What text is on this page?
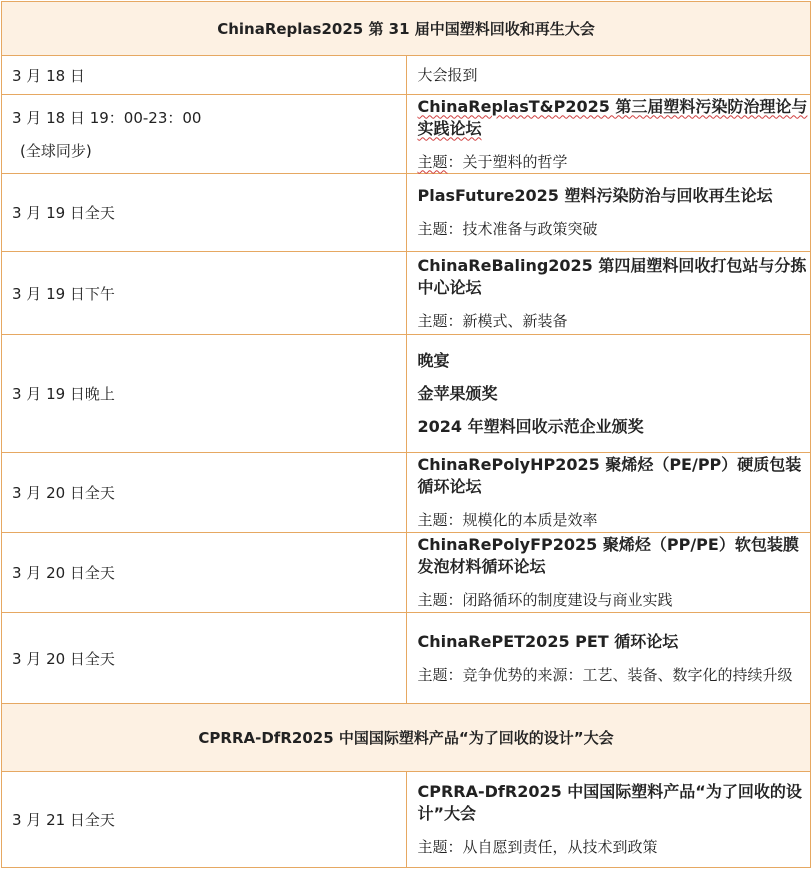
ChinaReplas2025 第 31 届中国塑料回收和再生大会	
3 月 18 日	大会报到

3 月 18 日 19：00-23：00
(全球同步)	ChinaReplasT&P2025 第三届塑料污染防治理论与实践论坛
主题：关于塑料的哲学

3 月 19 日全天	PlasFuture2025 塑料污染防治与回收再生论坛
主题：技术准备与政策突破

3 月 19 日下午	ChinaReBaling2025 第四届塑料回收打包站与分拣中心论坛
主题：新模式、新装备

3 月 19 日晚上	晚宴
金苹果颁奖
2024 年塑料回收示范企业颁奖

3 月 20 日全天	ChinaRePolyHP2025 聚烯烃（PE/PP）硬质包装循环论坛
主题：规模化的本质是效率

3 月 20 日全天	ChinaRePolyFP2025 聚烯烃（PP/PE）软包装膜发泡材料循环论坛
主题：闭路循环的制度建设与商业实践

3 月 20 日全天	ChinaRePET2025 PET 循环论坛
主题：竞争优势的来源：工艺、装备、数字化的持续升级

CPRRA-DfR2025 中国国际塑料产品“为了回收的设计”大会	
3 月 21 日全天	CPRRA-DfR2025 中国国际塑料产品“为了回收的设计”大会
主题：从自愿到责任，从技术到政策
